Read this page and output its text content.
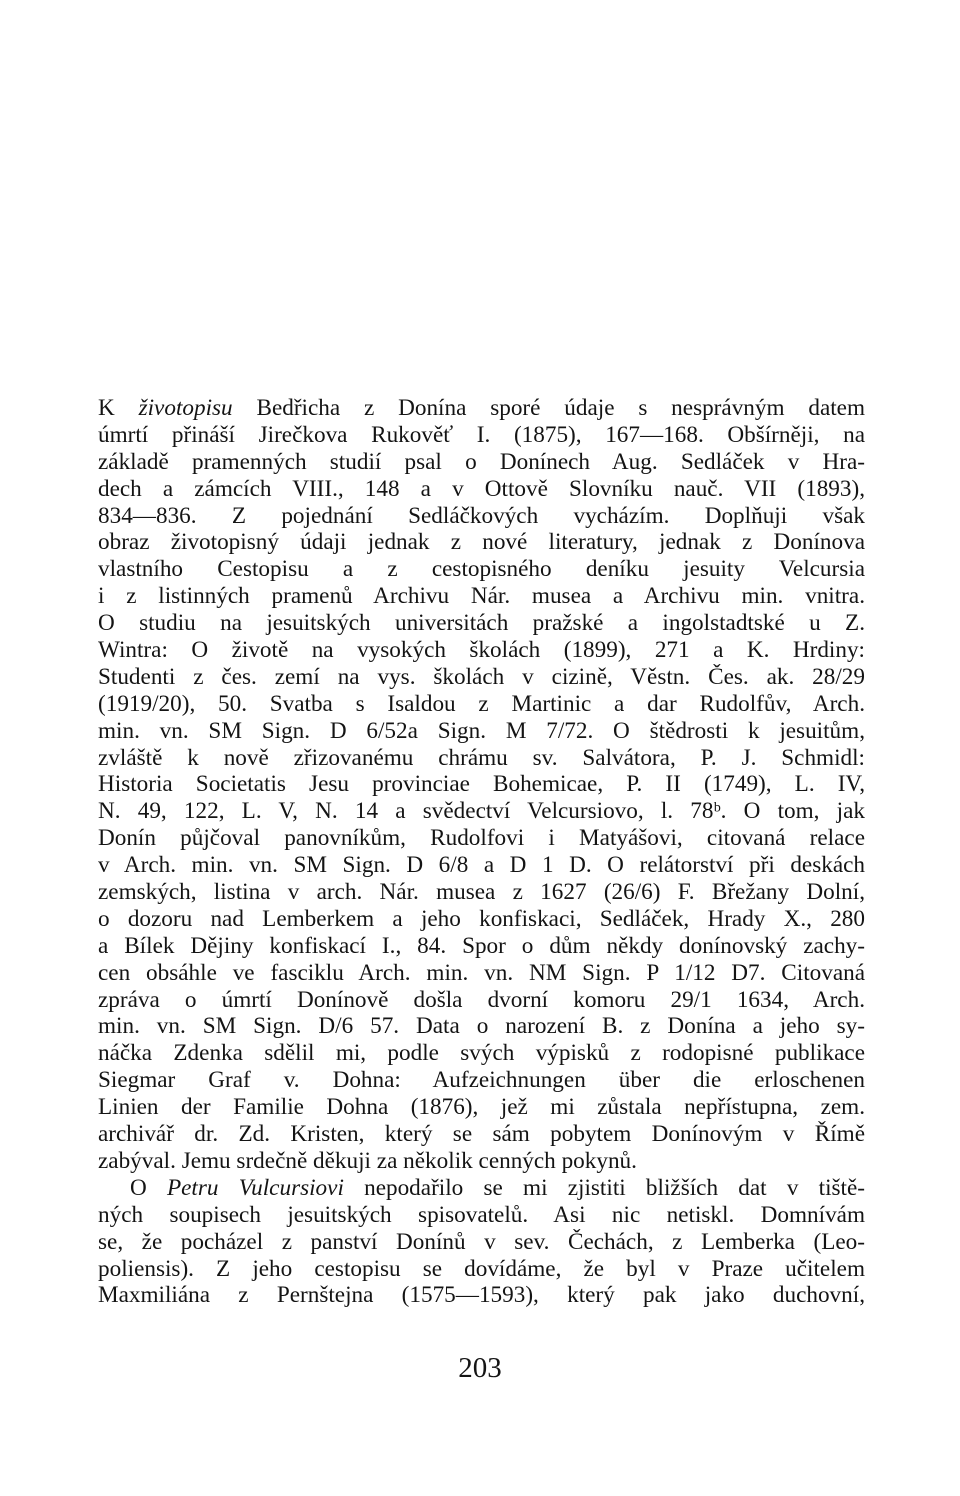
K životopisu Bedřicha z Donína sporé údaje s nesprávným datem
úmrtí přináší Jirečkova Rukověť I. (1875), 167—168. Obšírněji, na
základě pramenných studií psal o Donínech Aug. Sedláček v Hra-
dech a zámcích VIII., 148 a v Ottově Slovníku nauč. VII (1893),
834—836. Z pojednání Sedláčkových vycházím. Doplňuji však
obraz životopisný údaji jednak z nové literatury, jednak z Donínova
vlastního Cestopisu a z cestopisného deníku jesuity Velcursia
i z listinných pramenů Archivu Nár. musea a Archivu min. vnitra.
O studiu na jesuitských universitách pražské a ingolstadtské u Z.
Wintra: O životě na vysokých školách (1899), 271 a K. Hrdiny:
Studenti z čes. zemí na vys. školách v cizině, Věstn. Čes. ak. 28/29
(1919/20), 50. Svatba s Isaldou z Martinic a dar Rudolfův, Arch.
min. vn. SM Sign. D 6/52a Sign. M 7/72. O štědrosti k jesuitům,
zvláště k nově zřizovanému chrámu sv. Salvátora, P. J. Schmidl:
Historia Societatis Jesu provinciae Bohemicae, P. II (1749), L. IV,
N. 49, 122, L. V, N. 14 a svědectví Velcursiovo, l. 78ᵇ. O tom, jak
Donín půjčoval panovníkům, Rudolfovi i Matyášovi, citovaná relace
v Arch. min. vn. SM Sign. D 6/8 a D 1 D. O relátorství při deskách
zemských, listina v arch. Nár. musea z 1627 (26/6) F. Břežany Dolní,
o dozoru nad Lemberkem a jeho konfiskaci, Sedláček, Hrady X., 280
a Bílek Dějiny konfiskací I., 84. Spor o dům někdy donínovský zachy-
cen obsáhle ve fasciklu Arch. min. vn. NM Sign. P 1/12 D7. Citovaná
zpráva o úmrtí Donínově došla dvorní komoru 29/1 1634, Arch.
min. vn. SM Sign. D/6 57. Data o narození B. z Donína a jeho sy-
náčka Zdenka sdělil mi, podle svých výpisků z rodopisné publikace
Siegmar Graf v. Dohna: Aufzeichnungen über die erloschenen
Linien der Familie Dohna (1876), jež mi zůstala nepřístupna, zem.
archivář dr. Zd. Kristen, který se sám pobytem Donínovým v Římě
zabýval. Jemu srdečně děkuji za několik cenných pokynů.
O Petru Vulcursiovi nepodařilo se mi zjistiti bližších dat v tiště-
ných soupisech jesuitských spisovatelů. Asi nic netiskl. Domnívám
se, že pocházel z panství Donínů v sev. Čechách, z Lemberka (Leo-
poliensis). Z jeho cestopisu se dovídáme, že byl v Praze učitelem
Maxmiliána z Pernštejna (1575—1593), který pak jako duchovní,
203
